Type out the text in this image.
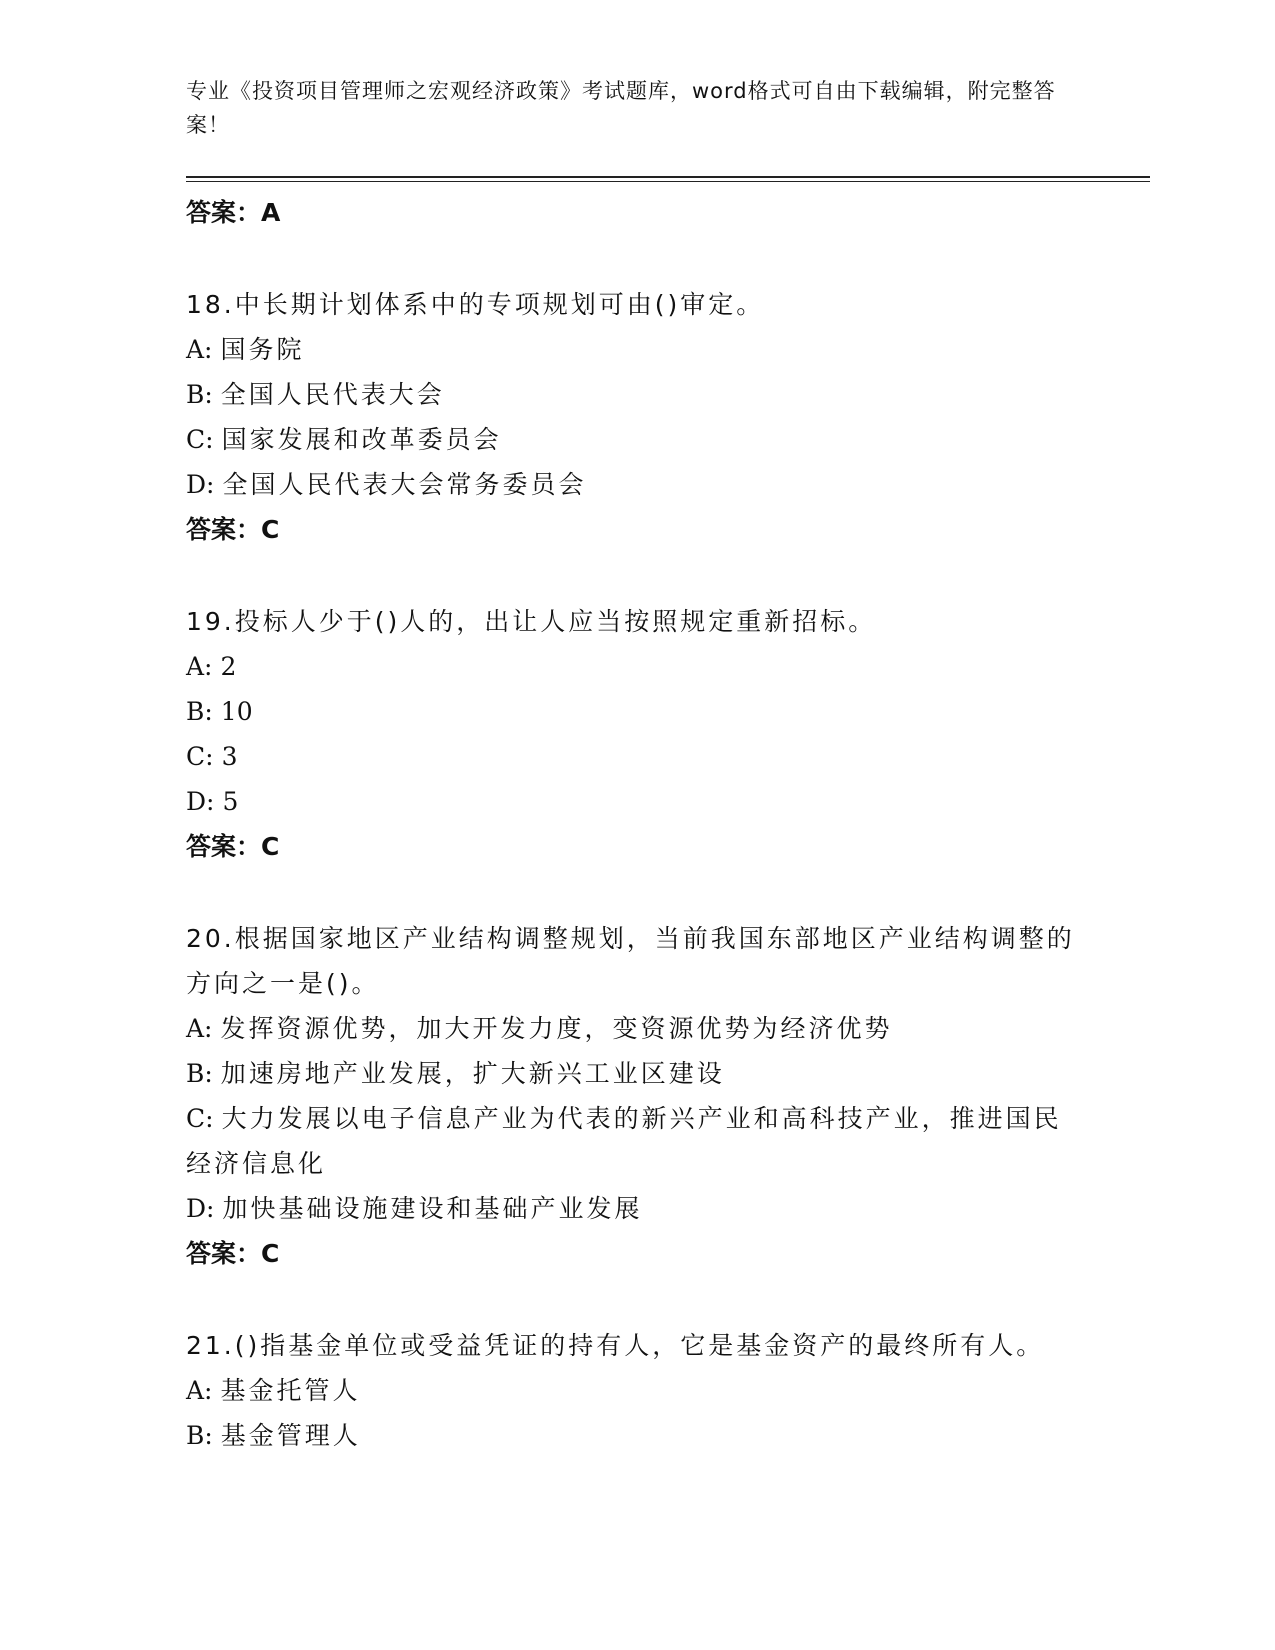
专业《投资项目管理师之宏观经济政策》考试题库，word格式可自由下载编辑，附完整答案！
答案：A
18.中长期计划体系中的专项规划可由()审定。
A: 国务院
B: 全国人民代表大会
C: 国家发展和改革委员会
D: 全国人民代表大会常务委员会
答案：C
19.投标人少于()人的，出让人应当按照规定重新招标。
A: 2
B: 10
C: 3
D: 5
答案：C
20.根据国家地区产业结构调整规划，当前我国东部地区产业结构调整的方向之一是()。
A: 发挥资源优势，加大开发力度，变资源优势为经济优势
B: 加速房地产业发展，扩大新兴工业区建设
C: 大力发展以电子信息产业为代表的新兴产业和高科技产业，推进国民经济信息化
D: 加快基础设施建设和基础产业发展
答案：C
21.()指基金单位或受益凭证的持有人，它是基金资产的最终所有人。
A: 基金托管人
B: 基金管理人
